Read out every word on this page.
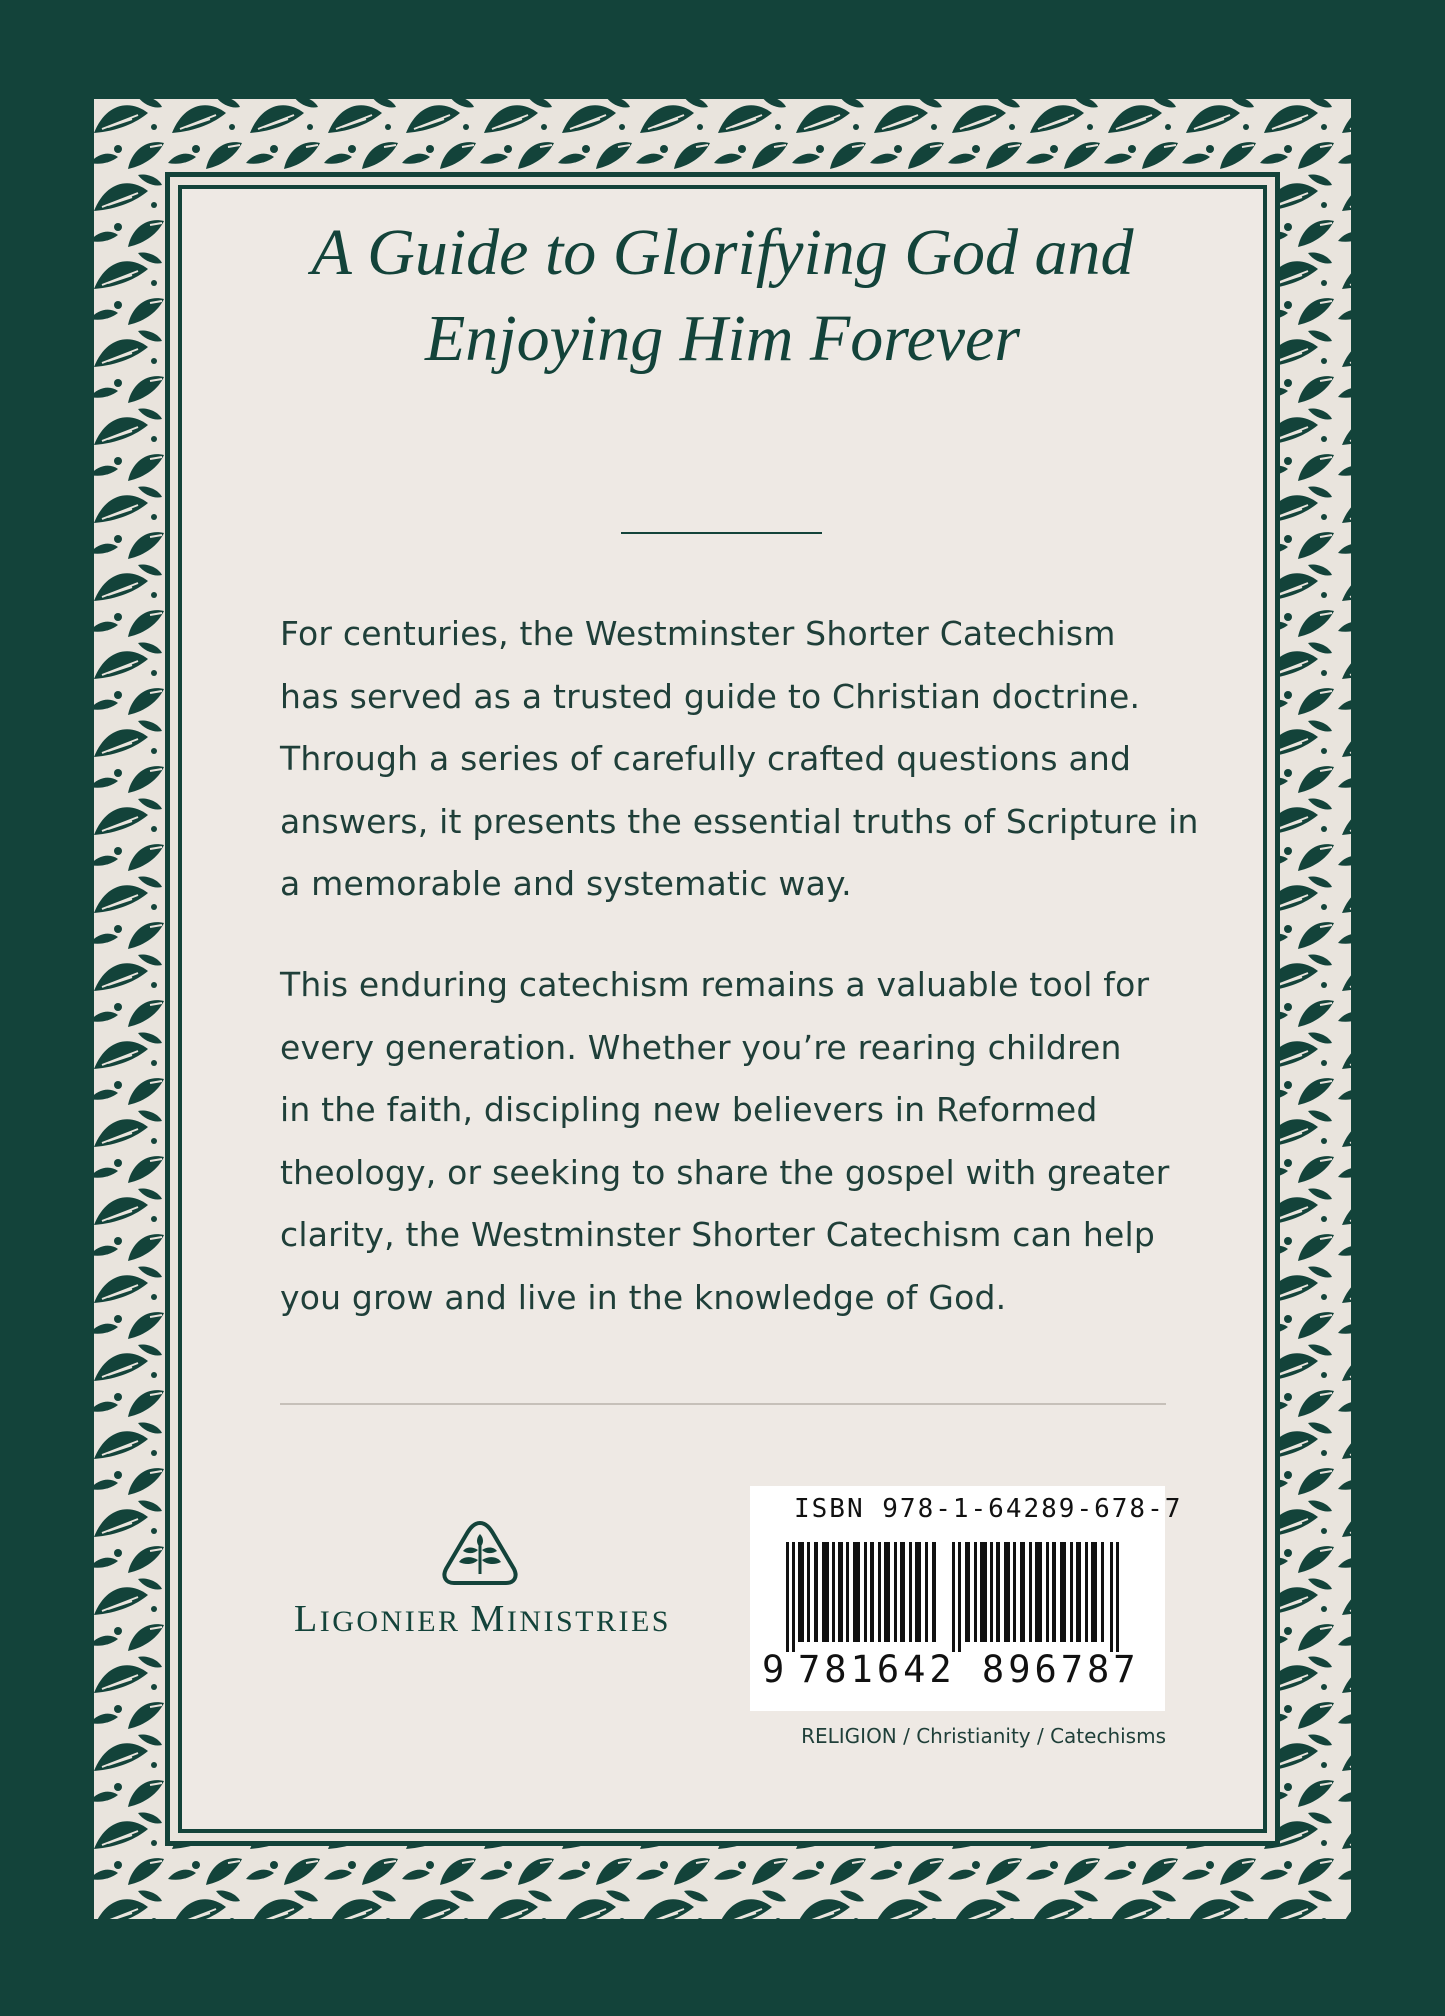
A Guide to Glorifying God and
Enjoying Him Forever
For centuries, the Westminster Shorter Catechism
has served as a trusted guide to Christian doctrine.
Through a series of carefully crafted questions and
answers, it presents the essential truths of Scripture in
a memorable and systematic way.
This enduring catechism remains a valuable tool for
every generation. Whether you’re rearing children
in the faith, discipling new believers in Reformed
theology, or seeking to share the gospel with greater
clarity, the Westminster Shorter Catechism can help
you grow and live in the knowledge of God.
LIGONIER MINISTRIES
ISBN 978-1-64289-678-7
9 781642 896787
RELIGION / Christianity / Catechisms
